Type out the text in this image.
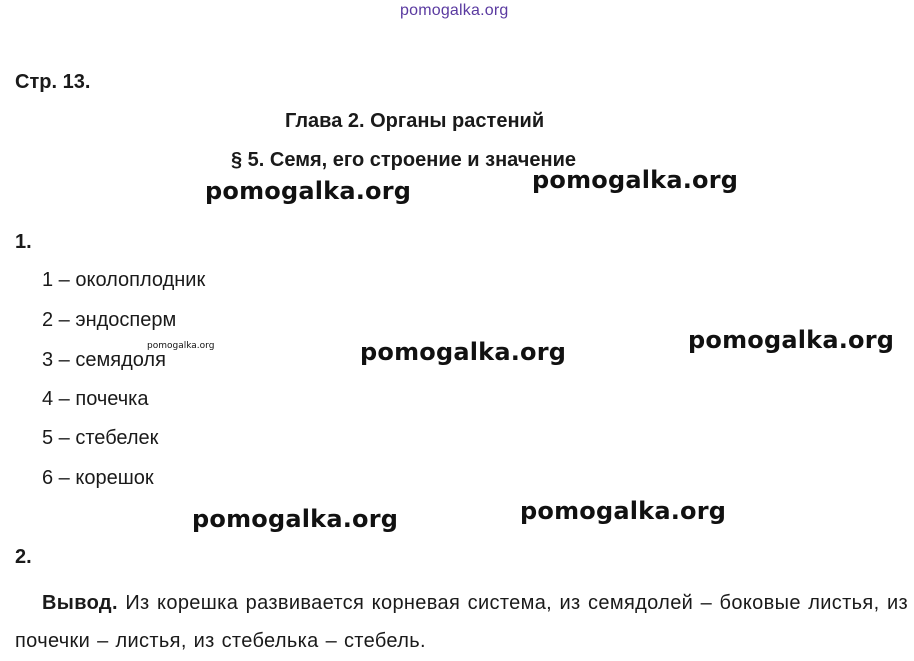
pomogalka.org
Стр. 13.
Глава 2. Органы растений
§ 5. Семя, его строение и значение
1.
1 – околоплодник
2 – эндосперм
3 – семядоля
4 – почечка
5 – стебелек
6 – корешок
2.
Вывод. Из корешка развивается корневая система, из семядолей – боковые листья, из почечки – листья, из стебелька – стебель.
pomogalka.org	pomogalka.org
pomogalka.org	pomogalka.org
pomogalka.org	pomogalka.org
pomogalka.org
